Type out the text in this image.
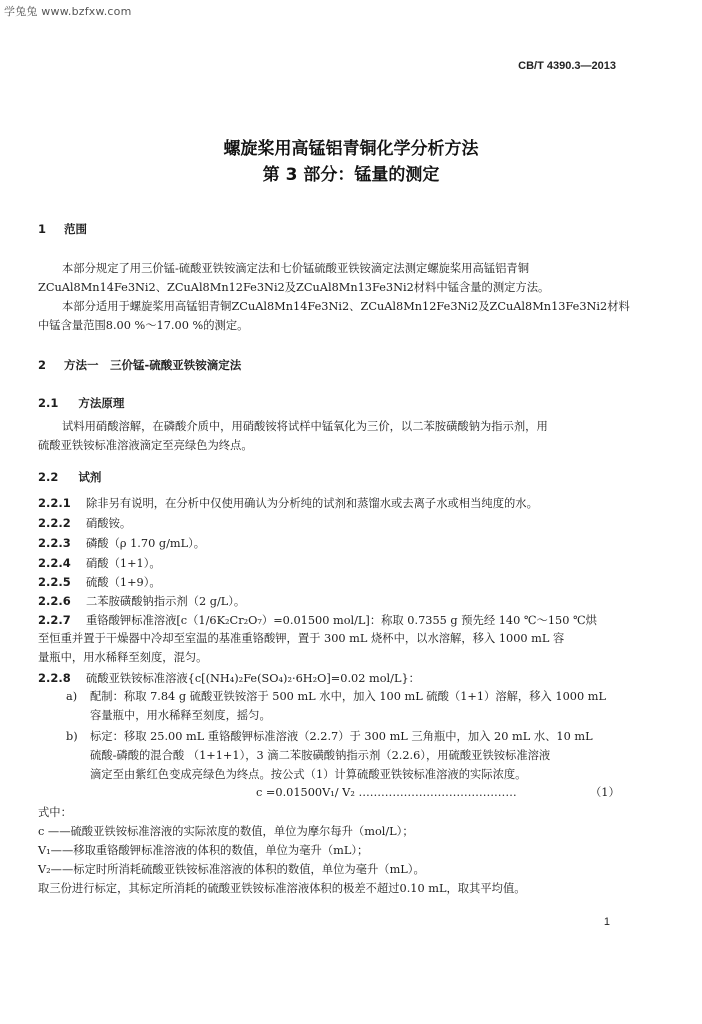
学兔兔 www.bzfxw.com
CB/T 4390.3—2013
螺旋桨用高锰铝青铜化学分析方法
第 3 部分：锰量的测定
1 范围
本部分规定了用三价锰-硫酸亚铁铵滴定法和七价锰硫酸亚铁铵滴定法测定螺旋桨用高锰铝青铜
ZCuAl8Mn14Fe3Ni2、ZCuAl8Mn12Fe3Ni2及ZCuAl8Mn13Fe3Ni2材料中锰含量的测定方法。
本部分适用于螺旋桨用高锰铝青铜ZCuAl8Mn14Fe3Ni2、ZCuAl8Mn12Fe3Ni2及ZCuAl8Mn13Fe3Ni2材料
中锰含量范围8.00 %～17.00 %的测定。
2 方法一　三价锰-硫酸亚铁铵滴定法
2.1 方法原理
试料用硝酸溶解，在磷酸介质中，用硝酸铵将试样中锰氧化为三价，以二苯胺磺酸钠为指示剂，用
硫酸亚铁铵标准溶液滴定至亮绿色为终点。
2.2 试剂
2.2.1 除非另有说明，在分析中仅使用确认为分析纯的试剂和蒸馏水或去离子水或相当纯度的水。
2.2.2 硝酸铵。
2.2.3 磷酸（ρ 1.70 g/mL）。
2.2.4 硝酸（1+1）。
2.2.5 硫酸（1+9）。
2.2.6 二苯胺磺酸钠指示剂（2 g/L）。
2.2.7 重铬酸钾标准溶液[c（1/6K₂Cr₂O₇）=0.01500 mol/L]：称取 0.7355 g 预先经 140 ℃～150 ℃烘
至恒重并置于干燥器中冷却至室温的基准重铬酸钾，置于 300 mL 烧杯中，以水溶解，移入 1000 mL 容
量瓶中，用水稀释至刻度，混匀。
2.2.8 硫酸亚铁铵标准溶液{c[(NH₄)₂Fe(SO₄)₂·6H₂O]=0.02 mol/L}：
a) 配制：称取 7.84 g 硫酸亚铁铵溶于 500 mL 水中，加入 100 mL 硫酸（1+1）溶解，移入 1000 mL
容量瓶中，用水稀释至刻度，摇匀。
b) 标定：移取 25.00 mL 重铬酸钾标准溶液（2.2.7）于 300 mL 三角瓶中，加入 20 mL 水、10 mL
硫酸-磷酸的混合酸 （1+1+1），3 滴二苯胺磺酸钠指示剂（2.2.6），用硫酸亚铁铵标准溶液
滴定至由紫红色变成亮绿色为终点。按公式（1）计算硫酸亚铁铵标准溶液的实际浓度。
c =0.01500V₁/ V₂ ……………………………………	（1）
式中：
c ——硫酸亚铁铵标准溶液的实际浓度的数值，单位为摩尔每升（mol/L）；
V₁——移取重铬酸钾标准溶液的体积的数值，单位为毫升（mL）；
V₂——标定时所消耗硫酸亚铁铵标准溶液的体积的数值，单位为毫升（mL）。
取三份进行标定，其标定所消耗的硫酸亚铁铵标准溶液体积的极差不超过0.10 mL，取其平均值。
1
